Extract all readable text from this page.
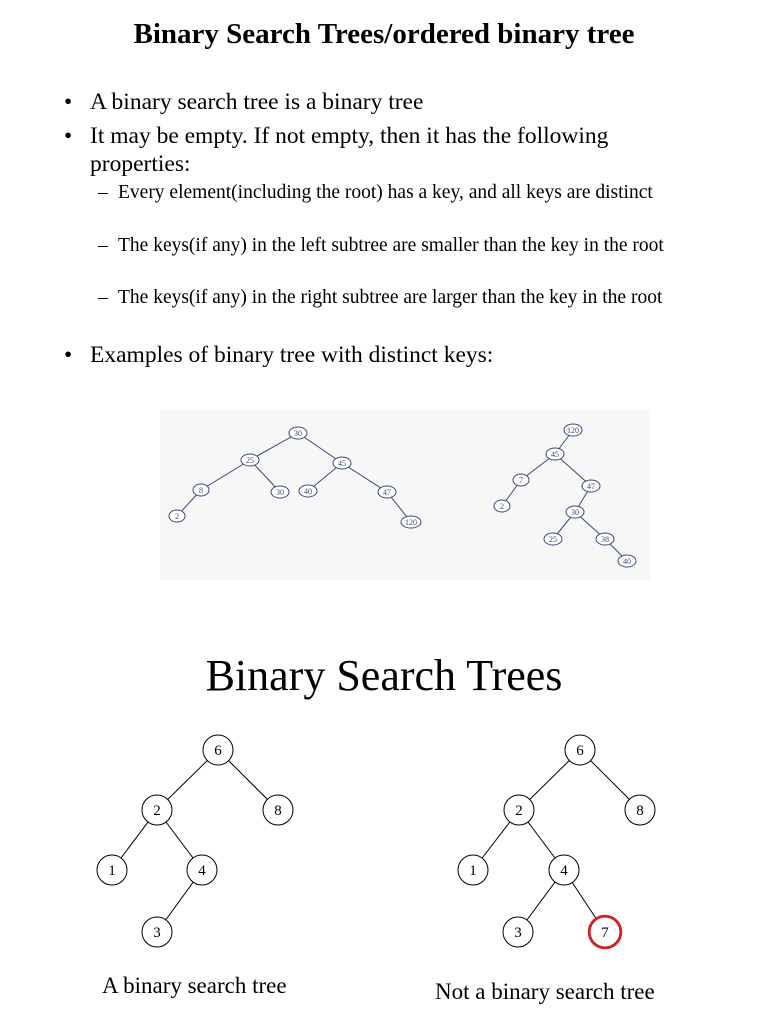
Binary Search Trees/ordered binary tree
• A binary search tree is a binary tree
• It may be empty. If not empty, then it has the following properties:
– Every element(including the root) has a key, and all keys are distinct
– The keys(if any) in the left subtree are smaller than the key in the root
– The keys(if any) in the right subtree are larger than the key in the root
• Examples of binary tree with distinct keys:
30
25	45
8	30	40	47
2
120
120
45
7
47
2
30
25	38
40
Binary Search Trees
6
2	8
1	4
3
6
2	8
1	4
3	7
A binary search tree	Not a binary search tree
